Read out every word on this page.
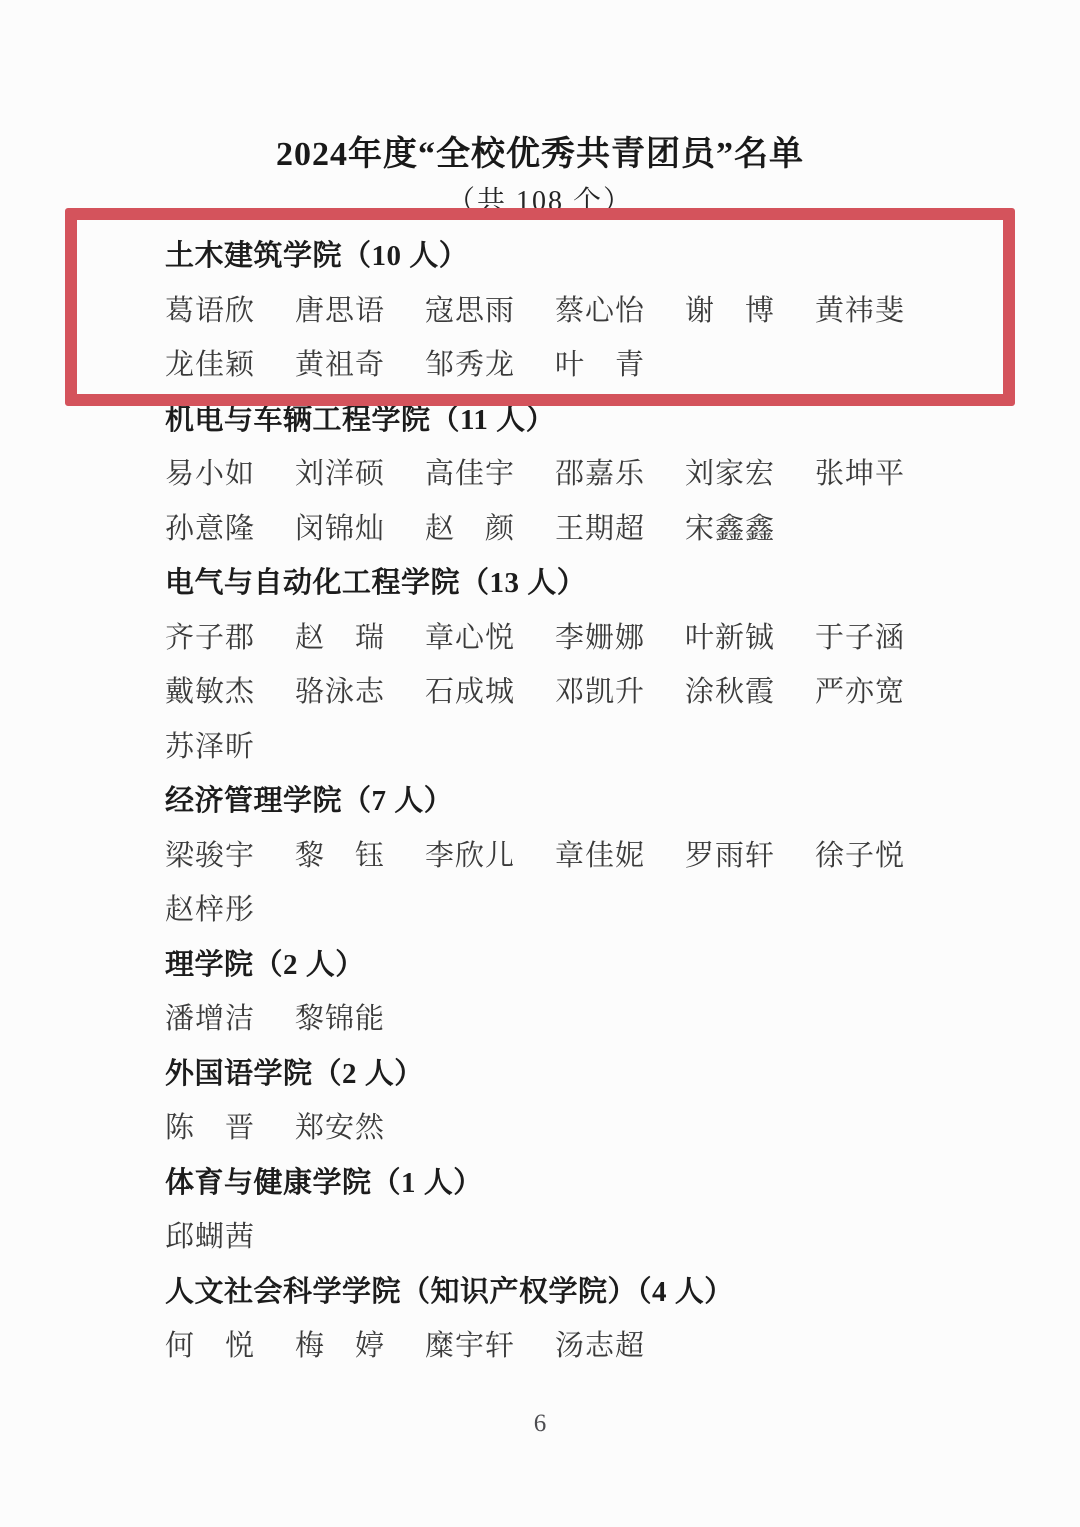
2024年度“全校优秀共青团员”名单
（共 108 个）
土木建筑学院（10 人）
葛语欣 唐思语 寇思雨 蔡心怡 谢　博 黄祎斐
龙佳颖 黄祖奇 邹秀龙 叶　青
机电与车辆工程学院（11 人）
易小如 刘洋硕 高佳宇 邵嘉乐 刘家宏 张坤平
孙意隆 闵锦灿 赵　颜 王期超 宋鑫鑫
电气与自动化工程学院（13 人）
齐子郡 赵　瑞 章心悦 李姗娜 叶新铖 于子涵
戴敏杰 骆泳志 石成城 邓凯升 涂秋霞 严亦宽
苏泽昕
经济管理学院（7 人）
梁骏宇 黎　钰 李欣儿 章佳妮 罗雨轩 徐子悦
赵梓彤
理学院（2 人）
潘增洁 黎锦能
外国语学院（2 人）
陈　晋 郑安然
体育与健康学院（1 人）
邱蝴茜
人文社会科学学院（知识产权学院）（4 人）
何　悦 梅　婷 糜宇轩 汤志超
6
